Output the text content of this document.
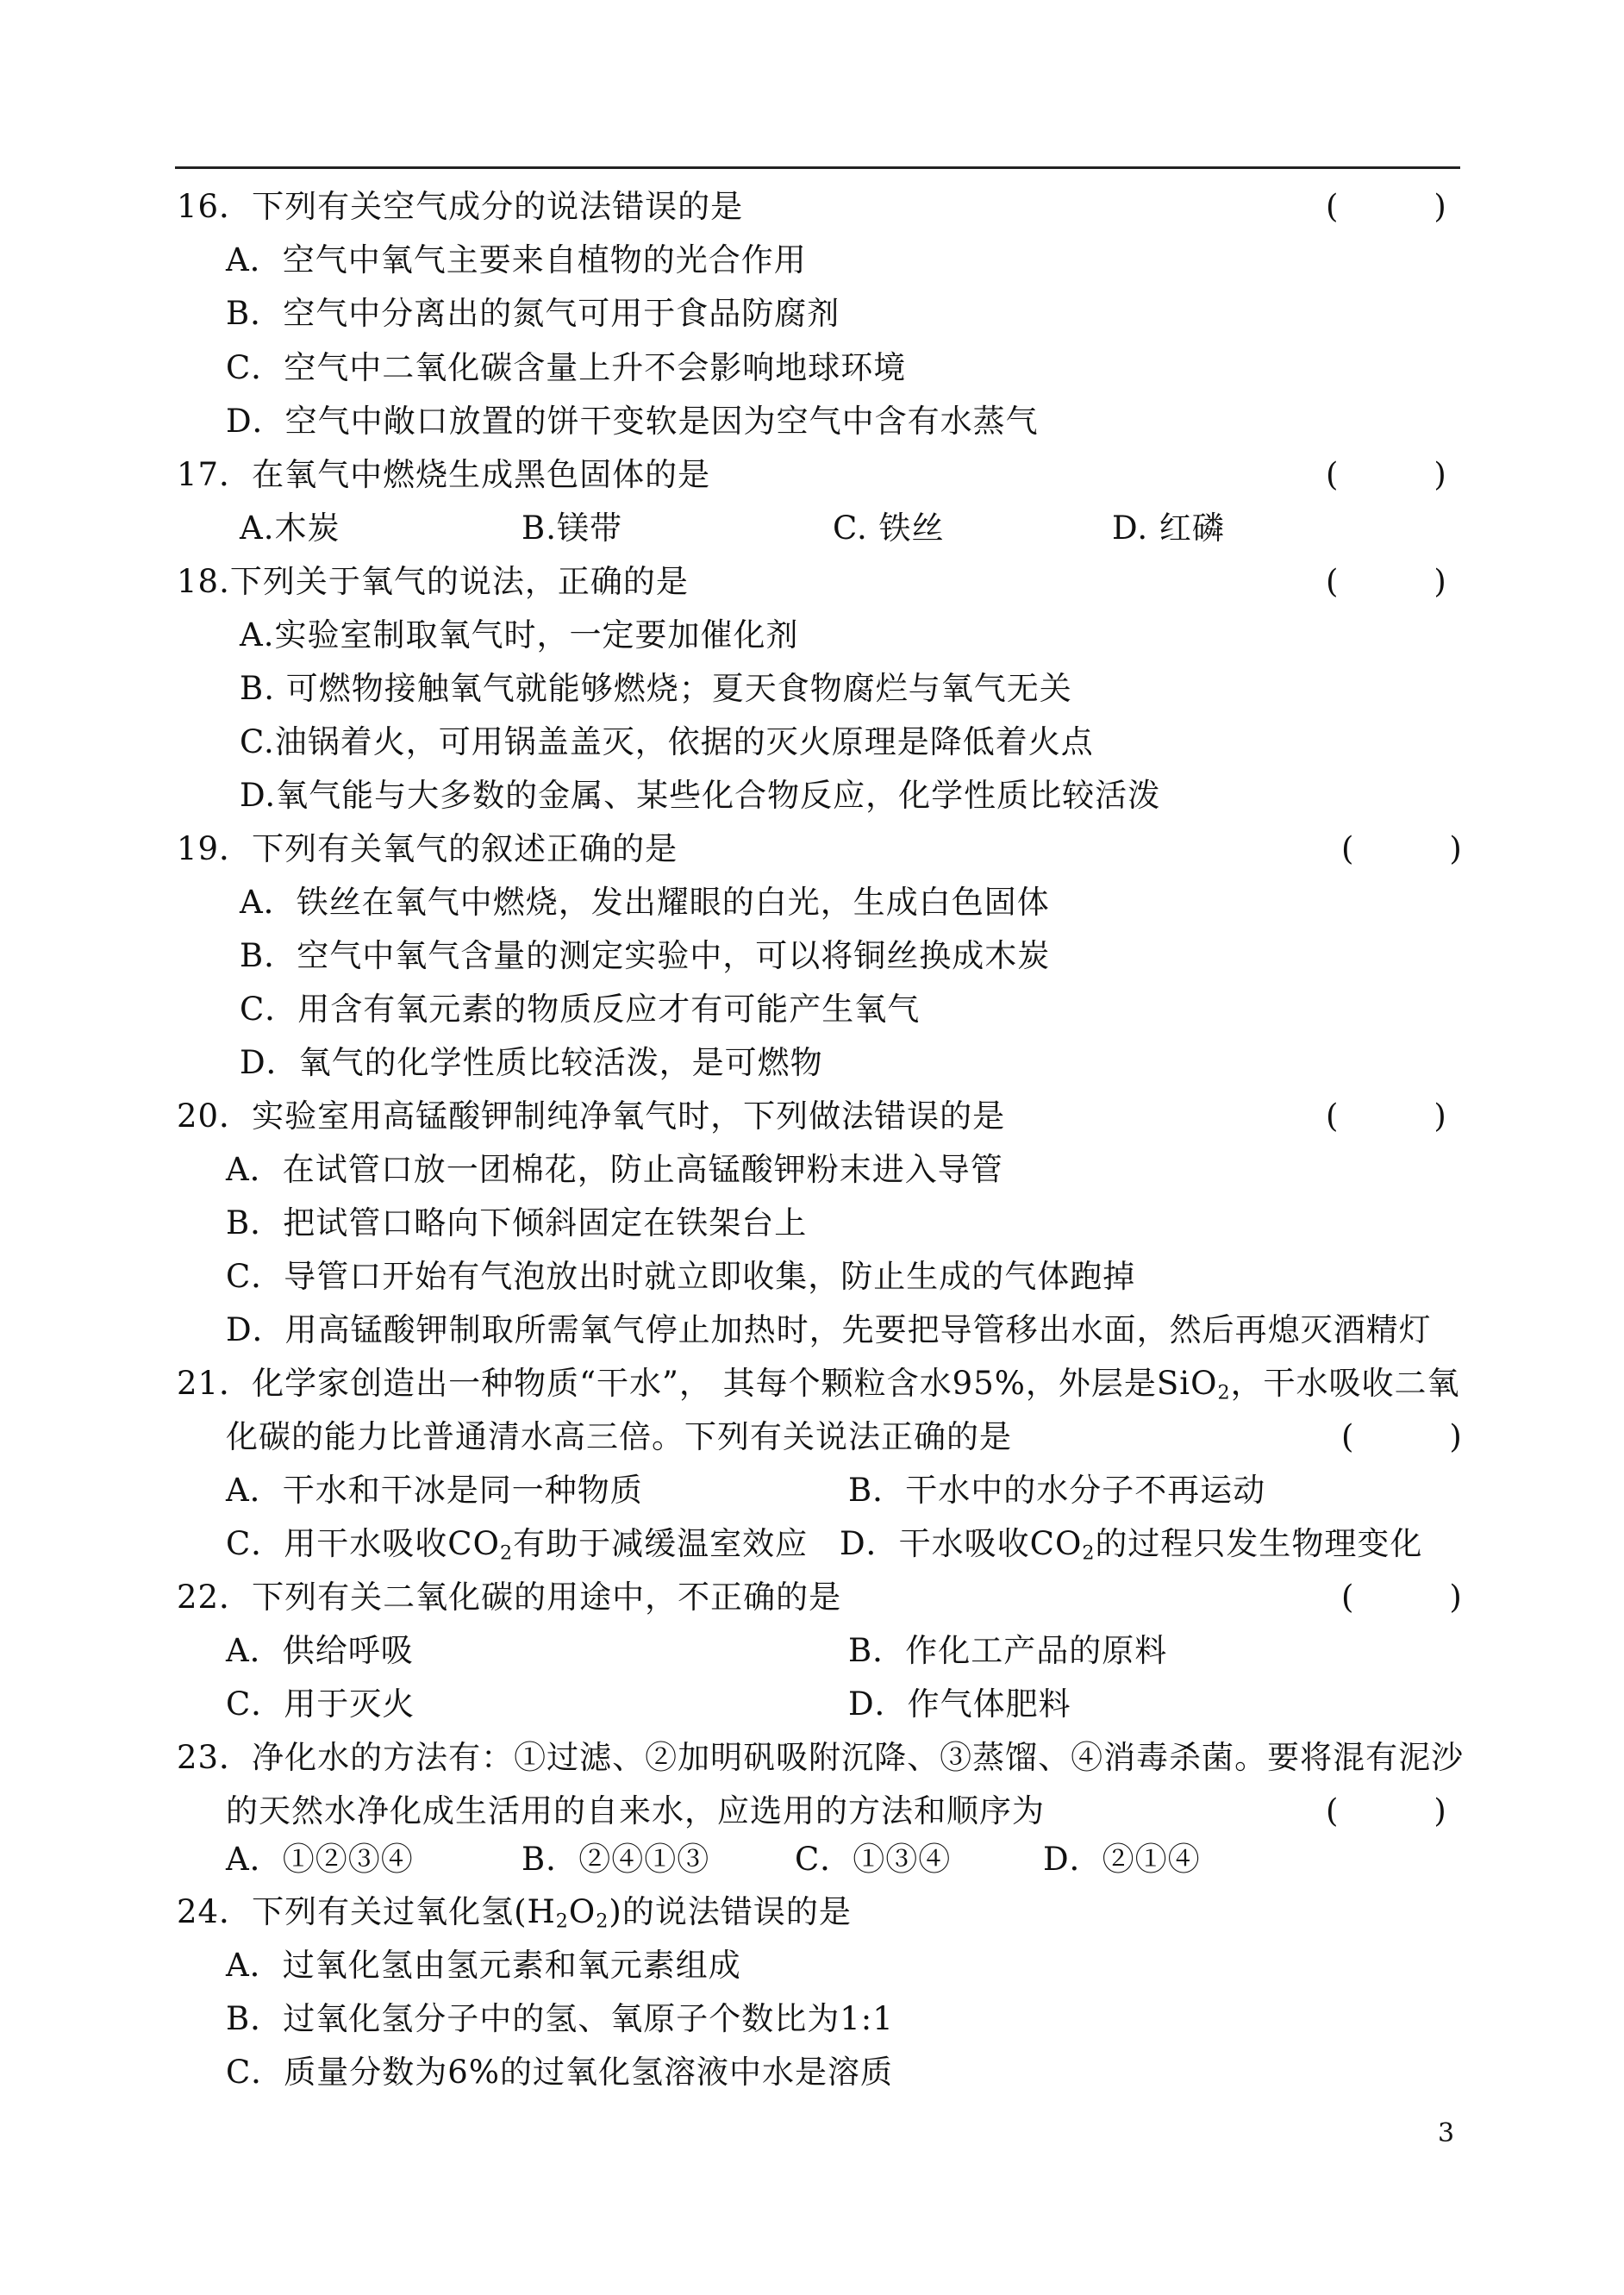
16．下列有关空气成分的说法错误的是	(　　　)
A．空气中氧气主要来自植物的光合作用
B．空气中分离出的氮气可用于食品防腐剂
C．空气中二氧化碳含量上升不会影响地球环境
D．空气中敞口放置的饼干变软是因为空气中含有水蒸气
17．在氧气中燃烧生成黑色固体的是	(　　　)
A.木炭	B.镁带	C. 铁丝	D. 红磷
18.下列关于氧气的说法，正确的是	(　　　)
A.实验室制取氧气时，一定要加催化剂
B. 可燃物接触氧气就能够燃烧；夏天食物腐烂与氧气无关
C.油锅着火，可用锅盖盖灭，依据的灭火原理是降低着火点
D.氧气能与大多数的金属、某些化合物反应，化学性质比较活泼
19．下列有关氧气的叙述正确的是	(　　　)
A．铁丝在氧气中燃烧，发出耀眼的白光，生成白色固体
B．空气中氧气含量的测定实验中，可以将铜丝换成木炭
C．用含有氧元素的物质反应才有可能产生氧气
D．氧气的化学性质比较活泼，是可燃物
20．实验室用高锰酸钾制纯净氧气时，下列做法错误的是	(　　　)
A．在试管口放一团棉花，防止高锰酸钾粉末进入导管
B．把试管口略向下倾斜固定在铁架台上
C．导管口开始有气泡放出时就立即收集，防止生成的气体跑掉
D．用高锰酸钾制取所需氧气停止加热时，先要把导管移出水面，然后再熄灭酒精灯
21．化学家创造出一种物质“干水”， 其每个颗粒含水95%，外层是SiO$_2$，干水吸收二氧
化碳的能力比普通清水高三倍。下列有关说法正确的是	(　　　)
A．干水和干冰是同一种物质	B．干水中的水分子不再运动
C．用干水吸收$CO_2$有助于减缓温室效应 D．干水吸收$CO_2$的过程只发生物理变化
22．下列有关二氧化碳的用途中，不正确的是	(　　　)
A．供给呼吸	B．作化工产品的原料
C．用于灭火	D．作气体肥料
23．净化水的方法有：①过滤、②加明矾吸附沉降、③蒸馏、④消毒杀菌。要将混有泥沙
的天然水净化成生活用的自来水，应选用的方法和顺序为	(　　　)
A．①②③④	B．②④①③	C．①③④	D．②①④
24．下列有关过氧化氢$(H_2O_2)$的说法错误的是
A．过氧化氢由氢元素和氧元素组成
B．过氧化氢分子中的氢、氧原子个数比为1:1
C．质量分数为6%的过氧化氢溶液中水是溶质
3
